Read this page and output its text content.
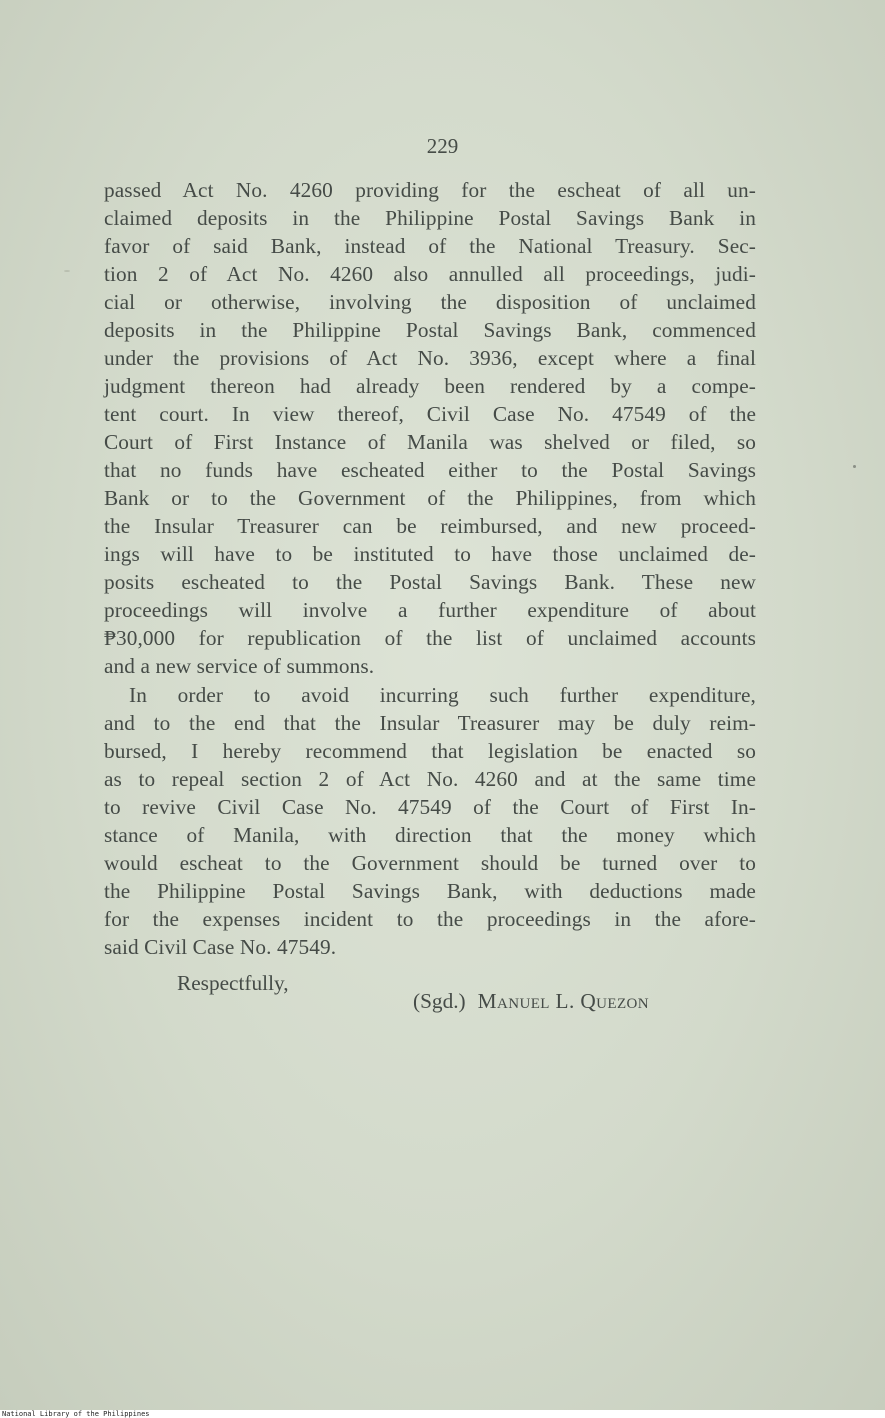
229
passed Act No. 4260 providing for the escheat of all un-
claimed deposits in the Philippine Postal Savings Bank in
favor of said Bank, instead of the National Treasury. Sec-
tion 2 of Act No. 4260 also annulled all proceedings, judi-
cial or otherwise, involving the disposition of unclaimed
deposits in the Philippine Postal Savings Bank, commenced
under the provisions of Act No. 3936, except where a final
judgment thereon had already been rendered by a compe-
tent court. In view thereof, Civil Case No. 47549 of the
Court of First Instance of Manila was shelved or filed, so
that no funds have escheated either to the Postal Savings
Bank or to the Government of the Philippines, from which
the Insular Treasurer can be reimbursed, and new proceed-
ings will have to be instituted to have those unclaimed de-
posits escheated to the Postal Savings Bank. These new
proceedings will involve a further expenditure of about
₱30,000 for republication of the list of unclaimed accounts
and a new service of summons.
In order to avoid incurring such further expenditure,
and to the end that the Insular Treasurer may be duly reim-
bursed, I hereby recommend that legislation be enacted so
as to repeal section 2 of Act No. 4260 and at the same time
to revive Civil Case No. 47549 of the Court of First In-
stance of Manila, with direction that the money which
would escheat to the Government should be turned over to
the Philippine Postal Savings Bank, with deductions made
for the expenses incident to the proceedings in the afore-
said Civil Case No. 47549.
Respectfully,
(Sgd.) Manuel L. Quezon
National Library of the Philippines
